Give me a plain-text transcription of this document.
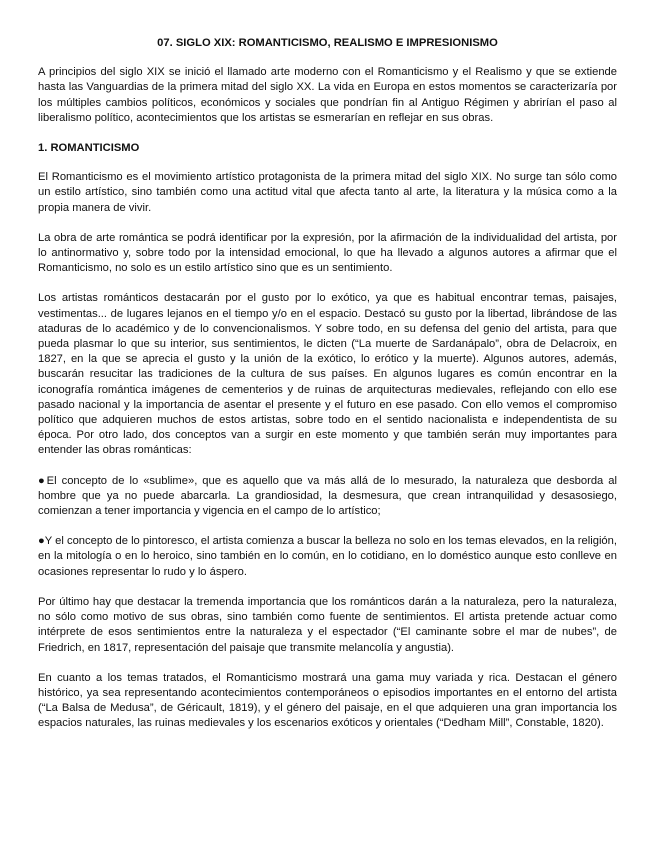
07. SIGLO XIX: ROMANTICISMO, REALISMO E IMPRESIONISMO

A principios del siglo XIX se inició el llamado arte moderno con el Romanticismo y el Realismo y que se extiende hasta las Vanguardias de la primera mitad del siglo XX. La vida en Europa en estos momentos se caracterizaría por los múltiples cambios políticos, económicos y sociales que pondrían fin al Antiguo Régimen y abrirían el paso al liberalismo político, acontecimientos que los artistas se esmerarían en reflejar en sus obras.

1. ROMANTICISMO

El Romanticismo es el movimiento artístico protagonista de la primera mitad del siglo XIX. No surge tan sólo como un estilo artístico, sino también como una actitud vital que afecta tanto al arte, la literatura y la música como a la propia manera de vivir.

La obra de arte romántica se podrá identificar por la expresión, por la afirmación de la individualidad del artista, por lo antinormativo y, sobre todo por la intensidad emocional, lo que ha llevado a algunos autores a afirmar que el Romanticismo, no solo es un estilo artístico sino que es un sentimiento.

Los artistas románticos destacarán por el gusto por lo exótico, ya que es habitual encontrar temas, paisajes, vestimentas... de lugares lejanos en el tiempo y/o en el espacio. Destacó su gusto por la libertad, librándose de las ataduras de lo académico y de lo convencionalismos. Y sobre todo, en su defensa del genio del artista, para que pueda plasmar lo que su interior, sus sentimientos, le dicten (“La muerte de Sardanápalo”, obra de Delacroix, en 1827, en la que se aprecia el gusto y la unión de la exótico, lo erótico y la muerte). Algunos autores, además, buscarán resucitar las tradiciones de la cultura de sus países. En algunos lugares es común encontrar en la iconografía romántica imágenes de cementerios y de ruinas de arquitecturas medievales, reflejando con ello ese pasado nacional y la importancia de asentar el presente y el futuro en ese pasado. Con ello vemos el compromiso político que adquieren muchos de estos artistas, sobre todo en el sentido nacionalista e independentista de su época. Por otro lado, dos conceptos van a surgir en este momento y que también serán muy importantes para entender las obras románticas:

●El concepto de lo «sublime», que es aquello que va más allá de lo mesurado, la naturaleza que desborda al hombre que ya no puede abarcarla. La grandiosidad, la desmesura, que crean intranquilidad y desasosiego, comienzan a tener importancia y vigencia en el campo de lo artístico;

●Y el concepto de lo pintoresco, el artista comienza a buscar la belleza no solo en los temas elevados, en la religión, en la mitología o en lo heroico, sino también en lo común, en lo cotidiano, en lo doméstico aunque esto conlleve en ocasiones representar lo rudo y lo áspero.

Por último hay que destacar la tremenda importancia que los románticos darán a la naturaleza, pero la naturaleza, no sólo como motivo de sus obras, sino también como fuente de sentimientos. El artista pretende actuar como intérprete de esos sentimientos entre la naturaleza y el espectador (“El caminante sobre el mar de nubes”, de Friedrich, en 1817, representación del paisaje que transmite melancolía y angustia).

En cuanto a los temas tratados, el Romanticismo mostrará una gama muy variada y rica. Destacan el género histórico, ya sea representando acontecimientos contemporáneos o episodios importantes en el entorno del artista (“La Balsa de Medusa”, de Géricault, 1819), y el género del paisaje, en el que adquieren una gran importancia los espacios naturales, las ruinas medievales y los escenarios exóticos y orientales (“Dedham Mill”, Constable, 1820).
